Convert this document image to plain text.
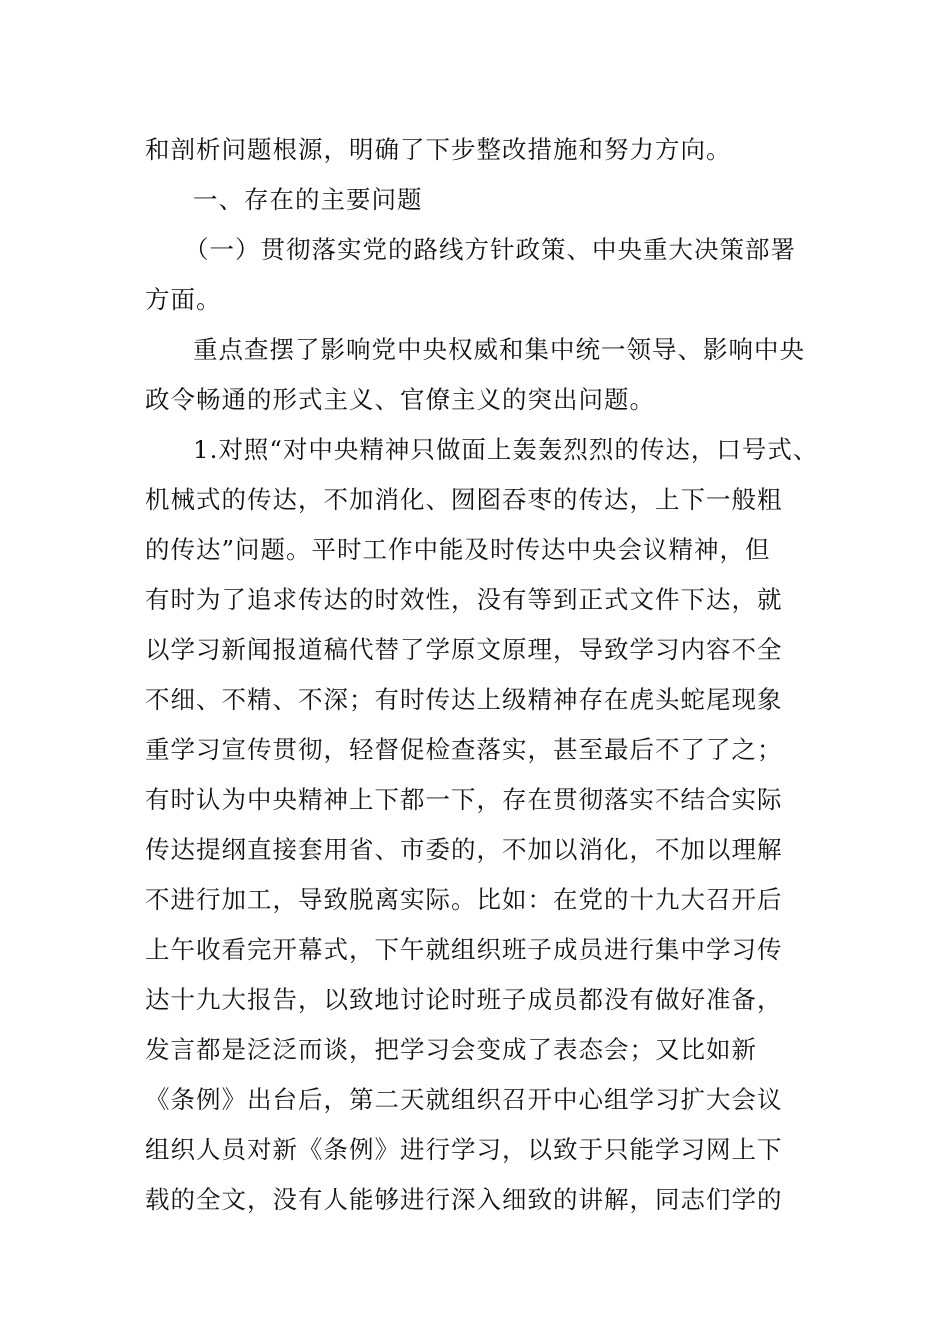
和剖析问题根源，明确了下步整改措施和努力方向。
一、存在的主要问题
（一）贯彻落实党的路线方针政策、中央重大决策部署
方面。
重点查摆了影响党中央权威和集中统一领导、影响中央
政令畅通的形式主义、官僚主义的突出问题。
1.对照“对中央精神只做面上轰轰烈烈的传达，口号式、
机械式的传达，不加消化、囫囵吞枣的传达，上下一般粗
的传达”问题。平时工作中能及时传达中央会议精神，但
有时为了追求传达的时效性，没有等到正式文件下达，就
以学习新闻报道稿代替了学原文原理，导致学习内容不全
不细、不精、不深；有时传达上级精神存在虎头蛇尾现象
重学习宣传贯彻，轻督促检查落实，甚至最后不了了之；
有时认为中央精神上下都一下，存在贯彻落实不结合实际
传达提纲直接套用省、市委的，不加以消化，不加以理解
不进行加工，导致脱离实际。比如：在党的十九大召开后
上午收看完开幕式，下午就组织班子成员进行集中学习传
达十九大报告，以致地讨论时班子成员都没有做好准备，
发言都是泛泛而谈，把学习会变成了表态会；又比如新
《条例》出台后，第二天就组织召开中心组学习扩大会议
组织人员对新《条例》进行学习，以致于只能学习网上下
载的全文，没有人能够进行深入细致的讲解，同志们学的
